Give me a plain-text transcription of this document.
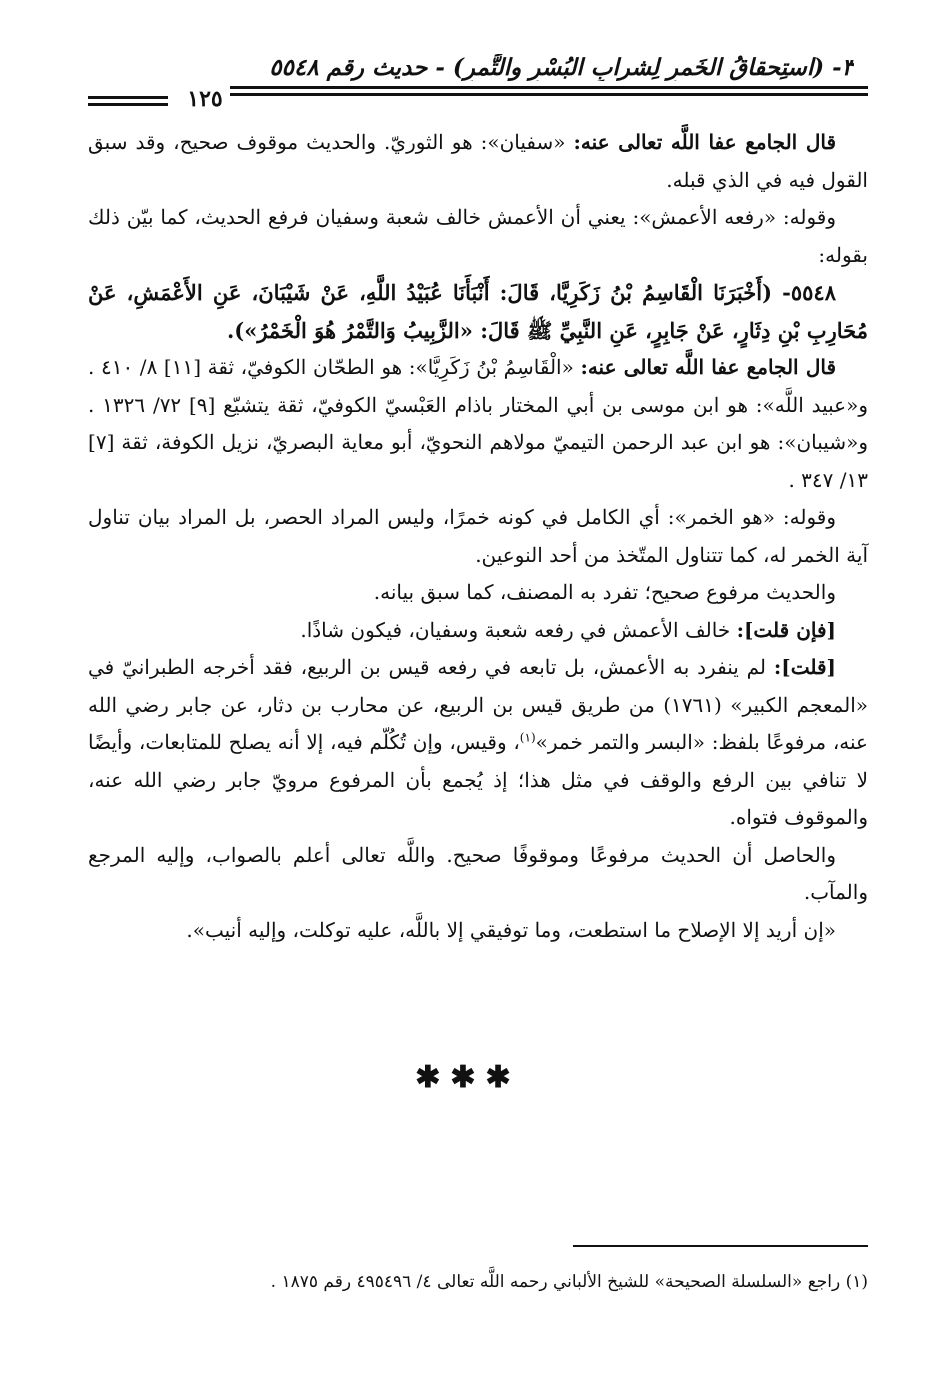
٣- (استِحقاقُ الخَمرِ لِشرابِ البُسْرِ والتَّمرِ) - حديث رقم ٥٥٤٨
١٢٥

قال الجامع عفا اللَّه تعالى عنه: «سفيان»: هو الثوريّ. والحديث موقوف صحيح، وقد سبق القول فيه في الذي قبله.

وقوله: «رفعه الأعمش»: يعني أن الأعمش خالف شعبة وسفيان فرفع الحديث، كما بيّن ذلك بقوله:

٥٥٤٨- (أَخْبَرَنَا الْقَاسِمُ بْنُ زَكَرِيَّا، قَالَ: أَنْبَأَنَا عُبَيْدُ اللَّهِ، عَنْ شَيْبَانَ، عَنِ الأَعْمَشِ، عَنْ مُحَارِبِ بْنِ دِثَارٍ، عَنْ جَابِرٍ، عَنِ النَّبِيِّ ﷺ قَالَ: «الزَّبِيبُ وَالتَّمْرُ هُوَ الْخَمْرُ»).

قال الجامع عفا اللَّه تعالى عنه: «الْقَاسِمُ بْنُ زَكَرِيَّا»: هو الطحّان الكوفيّ، ثقة [١١] ٨/ ٤١٠ . و«عبيد اللَّه»: هو ابن موسى بن أبي المختار باذام العَبْسيّ الكوفيّ، ثقة يتشيّع [٩] ٧٢/ ١٣٢٦ . و«شيبان»: هو ابن عبد الرحمن التيميّ مولاهم النحويّ، أبو معاية البصريّ، نزيل الكوفة، ثقة [٧] ١٣/ ٣٤٧ .

وقوله: «هو الخمر»: أي الكامل في كونه خمرًا، وليس المراد الحصر، بل المراد بيان تناول آية الخمر له، كما تتناول المتّخذ من أحد النوعين.

والحديث مرفوع صحيح؛ تفرد به المصنف، كما سبق بيانه.

[فإن قلت]: خالف الأعمش في رفعه شعبة وسفيان، فيكون شاذًا.

[قلت]: لم ينفرد به الأعمش، بل تابعه في رفعه قيس بن الربيع، فقد أخرجه الطبرانيّ في «المعجم الكبير» (١٧٦١) من طريق قيس بن الربيع، عن محارب بن دثار، عن جابر رضي الله عنه، مرفوعًا بلفظ: «البسر والتمر خمر»$^{(١)}$، وقيس، وإن تُكُلّم فيه، إلا أنه يصلح للمتابعات، وأيضًا لا تنافي بين الرفع والوقف في مثل هذا؛ إذ يُجمع بأن المرفوع مرويّ جابر رضي الله عنه، والموقوف فتواه.

والحاصل أن الحديث مرفوعًا وموقوفًا صحيح. واللَّه تعالى أعلم بالصواب، وإليه المرجع والمآب.

«إن أريد إلا الإصلاح ما استطعت، وما توفيقي إلا باللَّه، عليه توكلت، وإليه أنيب».

✱✱✱
(١) راجع «السلسلة الصحيحة» للشيخ الألباني رحمه اللَّه تعالى ٤/ ٤٩٥٤٩٦ رقم ١٨٧٥ .
